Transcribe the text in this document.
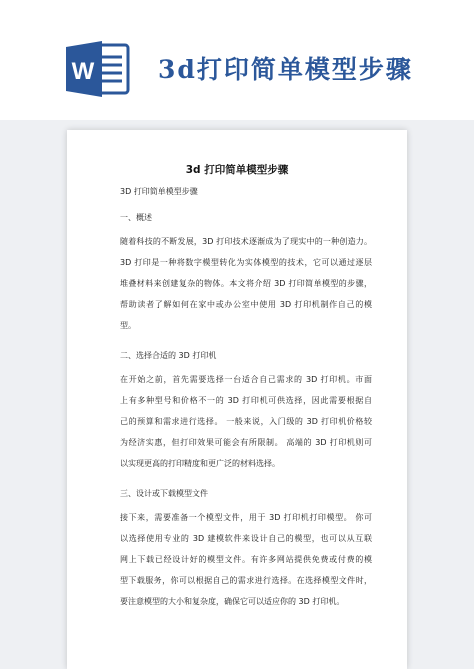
W	3d打印简单模型步骤
3d 打印简单模型步骤
3D 打印简单模型步骤
一、概述
随着科技的不断发展，3D 打印技术逐渐成为了现实中的一种创造力。
3D 打印是一种将数字模型转化为实体模型的技术，它可以通过逐层
堆叠材料来创建复杂的物体。本文将介绍 3D 打印简单模型的步骤，
帮助读者了解如何在家中或办公室中使用 3D 打印机制作自己的模
型。
二、选择合适的 3D 打印机
在开始之前，首先需要选择一台适合自己需求的 3D 打印机。市面
上有多种型号和价格不一的 3D 打印机可供选择，因此需要根据自
己的预算和需求进行选择。 一般来说，入门级的 3D 打印机价格较
为经济实惠，但打印效果可能会有所限制。 高端的 3D 打印机则可
以实现更高的打印精度和更广泛的材料选择。
三、设计或下载模型文件
接下来，需要准备一个模型文件，用于 3D 打印机打印模型。 你可
以选择使用专业的 3D 建模软件来设计自己的模型，也可以从互联
网上下载已经设计好的模型文件。有许多网站提供免费或付费的模
型下载服务，你可以根据自己的需求进行选择。在选择模型文件时，
要注意模型的大小和复杂度，确保它可以适应你的 3D 打印机。
